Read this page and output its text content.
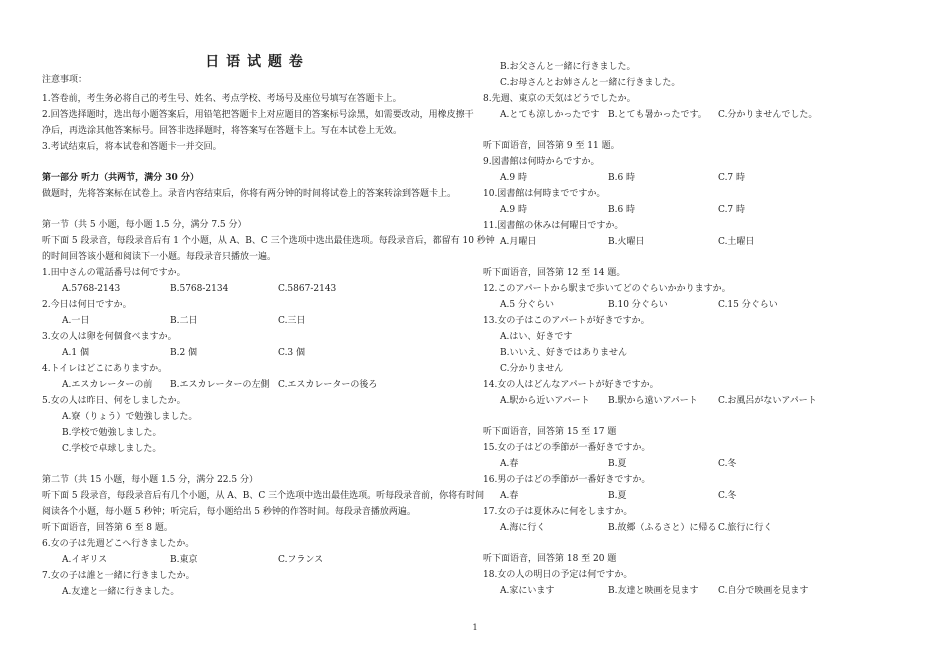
日 语 试 题 卷
注意事项：
1.答卷前，考生务必将自己的考生号、姓名、考点学校、考场号及座位号填写在答题卡上。
2.回答选择题时，选出每小题答案后，用铅笔把答题卡上对应题目的答案标号涂黑，如需要改动，用橡皮擦干
净后，再选涂其他答案标号。回答非选择题时，将答案写在答题卡上。写在本试卷上无效。
3.考试结束后，将本试卷和答题卡一并交回。
第一部分 听力（共两节，满分 30 分）
做题时，先将答案标在试卷上。录音内容结束后，你将有两分钟的时间将试卷上的答案转涂到答题卡上。
第一节（共 5 小题，每小题 1.5 分，满分 7.5 分）
听下面 5 段录音，每段录音后有 1 个小题，从 A、B、C 三个选项中选出最佳选项。每段录音后，都留有 10 秒钟
的时间回答该小题和阅读下一小题。每段录音只播放一遍。
1.田中さんの電話番号は何ですか。
A.5768-2143	B.5768-2134	C.5867-2143
2.今日は何日ですか。
A.一日	B.二日	C.三日
3.女の人は卵を何個食べますか。
A.1 個	B.2 個	C.3 個
4.トイレはどこにありますか。
A.エスカレーターの前	B.エスカレーターの左側 C.エスカレーターの後ろ
5.女の人は昨日、何をしましたか。
A.寮（りょう）で勉強しました。
B.学校で勉強しました。
C.学校で卓球しました。
第二节（共 15 小题，每小题 1.5 分，满分 22.5 分）
听下面 5 段录音，每段录音后有几个小题，从 A、B、C 三个选项中选出最佳选项。听每段录音前，你将有时间
阅读各个小题，每小题 5 秒钟；听完后，每小题给出 5 秒钟的作答时间。每段录音播放两遍。
听下面语音，回答第 6 至 8 题。
6.女の子は先週どこへ行きましたか。
A.イギリス	B.東京	C.フランス
7.女の子は誰と一緒に行きましたか。
A.友達と一緒に行きました。
B.お父さんと一緒に行きました。
C.お母さんとお姉さんと一緒に行きました。
8.先週、東京の天気はどうでしたか。
A.とても涼しかったです B.とても暑かったです。	C.分かりませんでした。
听下面语音，回答第 9 至 11 题。
9.図書館は何時からですか。
A.9 時	B.6 時	C.7 時
10.図書館は何時までですか。
A.9 時	B.6 時	C.7 時
11.図書館の休みは何曜日ですか。
A.月曜日	B.火曜日	C.土曜日
听下面语音，回答第 12 至 14 題。
12.このアパートから駅まで歩いてどのぐらいかかりますか。
A.5 分ぐらい	B.10 分ぐらい	C.15 分ぐらい
13.女の子はこのアパートが好きですか。
A.はい、好きです
B.いいえ、好きではありません
C.分かりません
14.女の人はどんなアパートが好きですか。
A.駅から近いアパート	B.駅から遠いアパート	C.お風呂がないアパート
听下面语音，回答第 15 至 17 題
15.女の子はどの季節が一番好きですか。
A.春	B.夏	C.冬
16.男の子はどの季節が一番好きですか。
A.春	B.夏	C.冬
17.女の子は夏休みに何をしますか。
A.海に行く	B.故郷（ふるさと）に帰る C.旅行に行く
听下面语音，回答第 18 至 20 題
18.女の人の明日の予定は何ですか。
A.家にいます	B.友達と映画を見ます	C.自分で映画を見ます
1
